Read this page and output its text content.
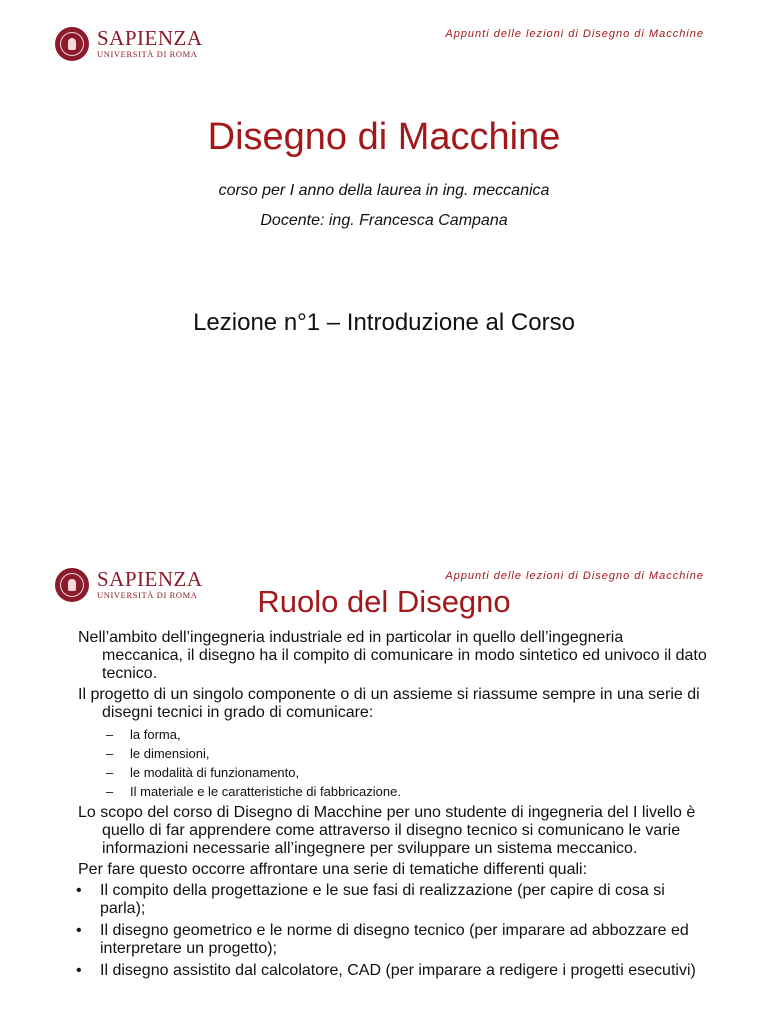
SAPIENZA
UNIVERSITÀ DI ROMA
Appunti delle lezioni di Disegno di Macchine
Disegno di Macchine
corso per I anno della laurea in ing. meccanica
Docente: ing. Francesca Campana
Lezione n°1 – Introduzione al Corso
SAPIENZA
UNIVERSITÀ DI ROMA
Appunti delle lezioni di Disegno di Macchine
Ruolo del Disegno

Nell’ambito dell’ingegneria industriale ed in particolar in quello dell’ingegneria meccanica, il disegno ha il compito di comunicare in modo sintetico ed univoco il dato tecnico.

Il progetto di un singolo componente o di un assieme si riassume sempre in una serie di disegni tecnici in grado di comunicare:

– la forma,
– le dimensioni,
– le modalità di funzionamento,
– Il materiale e le caratteristiche di fabbricazione.

Lo scopo del corso di Disegno di Macchine per uno studente di ingegneria del I livello è quello di far apprendere come attraverso il disegno tecnico si comunicano le varie informazioni necessarie all’ingegnere per sviluppare un sistema meccanico.

Per fare questo occorre affrontare una serie di tematiche differenti quali:

• Il compito della progettazione e le sue fasi di realizzazione (per capire di cosa si parla);
• Il disegno geometrico e le norme di disegno tecnico (per imparare ad abbozzare ed interpretare un progetto);
• Il disegno assistito dal calcolatore, CAD (per imparare a redigere i progetti esecutivi)
